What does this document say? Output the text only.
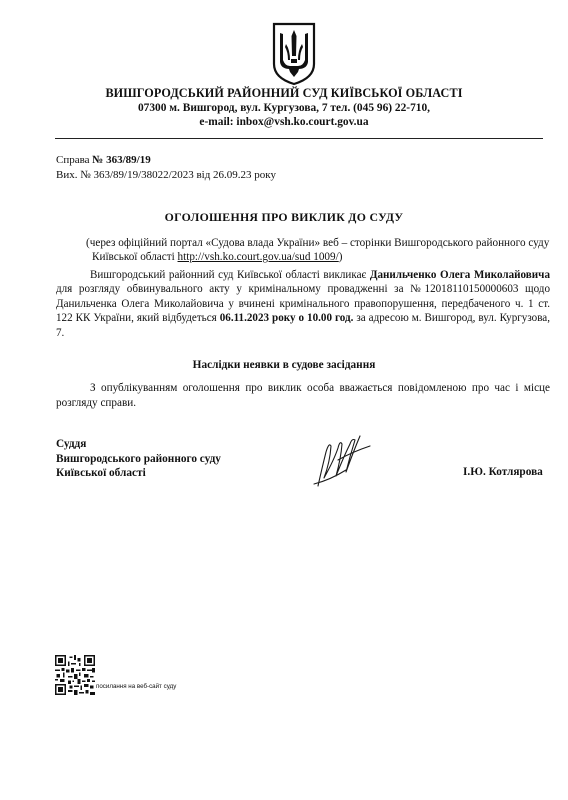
ВИШГОРОДСЬКИЙ РАЙОННИЙ СУД КИЇВСЬКОЇ ОБЛАСТІ
07300 м. Вишгород, вул. Кургузова, 7 тел. (045 96) 22-710,
e-mail: inbox@vsh.ko.court.gov.ua
Справа № 363/89/19
Вих. № 363/89/19/38022/2023 від 26.09.23 року
ОГОЛОШЕННЯ ПРО ВИКЛИК ДО СУДУ
(через офіційний портал «Судова влада України» веб – сторінки Вишгородського районного суду Київської області http://vsh.ko.court.gov.ua/sud 1009/)
Вишгородський районний суд Київської області викликає Данильченко Олега Миколайовича для розгляду обвинувального акту у кримінальному провадженні за №12018110150000603 щодо Данильченка Олега Миколайовича у вчинені кримінального правопорушення, передбаченого ч. 1 ст. 122 КК України, який відбудеться 06.11.2023 року о 10.00 год. за адресою м. Вишгород, вул. Кургузова, 7.
Наслідки неявки в судове засідання
З опублікуванням оголошення про виклик особа вважається повідомленою про час і місце розгляду справи.
Суддя
Вишгородського районного суду
Київської області	І.Ю. Котлярова
посилання на веб-сайт суду
